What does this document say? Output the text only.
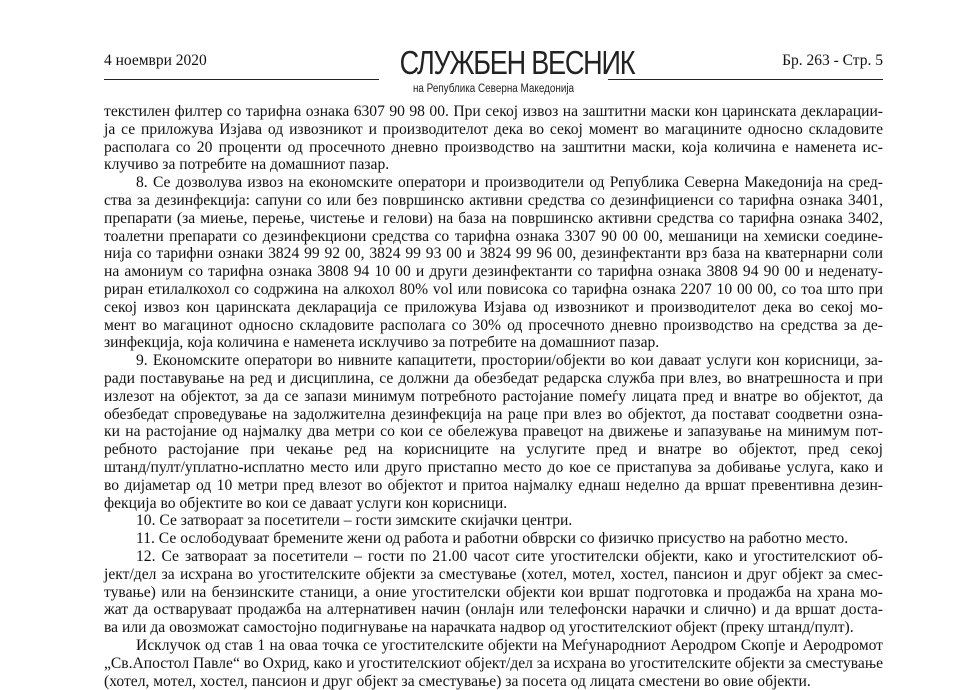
4 ноември 2020	СЛУЖБЕН ВЕСНИК
на Република Северна Македонија
Бр. 263 - Стр. 5
текстилен филтер со тарифна ознака 6307 90 98 00. При секој извоз на заштитни маски кон царинската декларации-
ја се приложува Изјава од извозникот и производителот дека во секој момент во магацините односно складовите
располага со 20 проценти од просечното дневно производство на заштитни маски, која количина е наменета ис-
клучиво за потребите на домашниот пазар.
8. Се дозволува извоз на економските оператори и производители од Република Северна Македонија на сред-
ства за дезинфекција: сапуни со или без површинско активни средства со дезинфициенси со тарифна ознака 3401,
препарати (за миење, перење, чистење и гелови) на база на површинско активни средства со тарифна ознака 3402,
тоалетни препарати со дезинфекциони средства со тарифна ознака 3307 90 00 00, мешаници на хемиски соедине-
нија со тарифни ознаки 3824 99 92 00, 3824 99 93 00 и 3824 99 96 00, дезинфектанти врз база на кватернарни соли
на амониум со тарифна ознака 3808 94 10 00 и други дезинфектанти со тарифна ознака 3808 94 90 00 и неденату-
риран етилалкохол со содржина на алкохол 80% vol или повисока со тарифна ознака 2207 10 00 00, со тоа што при
секој извоз кон царинската декларација се приложува Изјава од извозникот и производителот дека во секој мо-
мент во магацинот односно складовите располага со 30% од просечното дневно производство на средства за де-
зинфекција, која количина е наменета исклучиво за потребите на домашниот пазар.
9. Економските оператори во нивните капацитети, простории/објекти во кои даваат услуги кон корисници, за-
ради поставување на ред и дисциплина, се должни да обезбедат редарска служба при влез, во внатрешноста и при
излезот на објектот, за да се запази минимум потребното растојание помеѓу лицата пред и внатре во објектот, да
обезбедат спроведување на задолжителна дезинфекција на раце при влез во објектот, да постават соодветни озна-
ки на растојание од најмалку два метри со кои се обележува правецот на движење и запазување на минимум пот-
ребното растојание при чекање ред на корисниците на услугите пред и внатре во објектот, пред секој
штанд/пулт/уплатно-исплатно место или друго пристапно место до кое се пристапува за добивање услуга, како и
во дијаметар од 10 метри пред влезот во објектот и притоа најмалку еднаш неделно да вршат превентивна дезин-
фекција во објектите во кои се даваат услуги кон корисници.
10. Се затвораат за посетители – гости зимските скијачки центри.
11. Се ослободуваат бремените жени од работа и работни обврски со физичко присуство на работно место.
12. Се затвораат за посетители – гости по 21.00 часот сите угостителски објекти, како и угостителскиот об-
јект/дел за исхрана во угостителските објекти за сместување (хотел, мотел, хостел, пансион и друг објект за смес-
тување) или на бензинските станици, а оние угостителски објекти кои вршат подготовка и продажба на храна мо-
жат да остваруваат продажба на алтернативен начин (онлајн или телефонски нарачки и слично) и да вршат доста-
ва или да овозможат самостојно подигнување на нарачката надвор од угостителскиот објект (преку штанд/пулт).
Исклучок од став 1 на оваа точка се угостителските објекти на Меѓународниот Аеродром Скопје и Аеродромот
„Св.Апостол Павле“ во Охрид, како и угостителскиот објект/дел за исхрана во угостителските објекти за сместување
(хотел, мотел, хостел, пансион и друг објект за сместување) за посета од лицата сместени во овие објекти.
